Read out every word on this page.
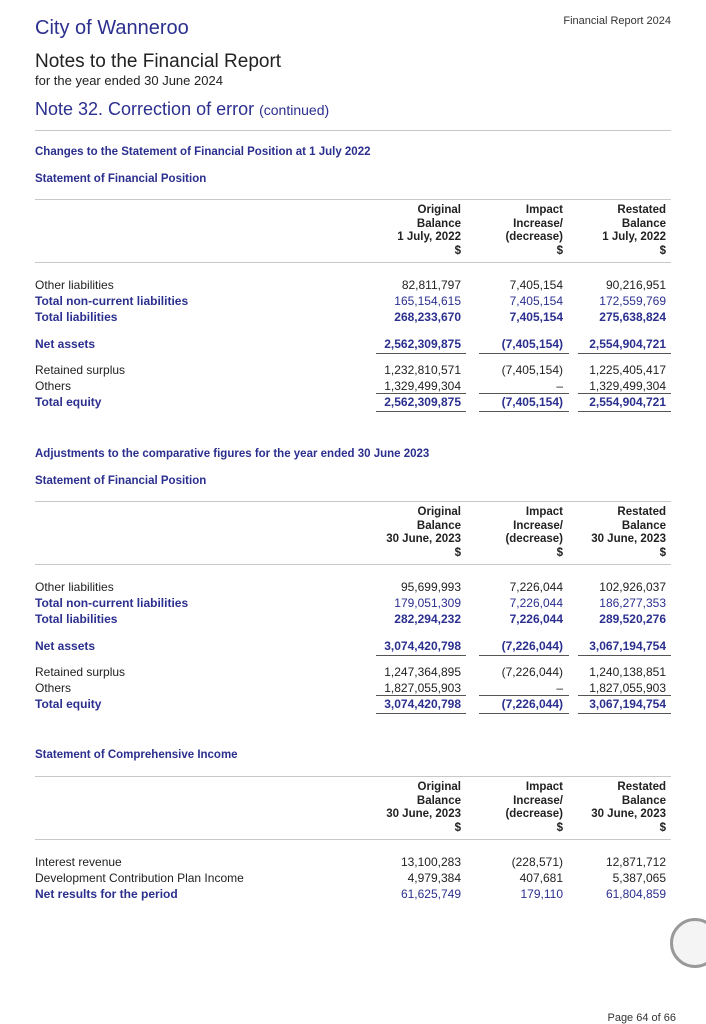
Financial Report 2024
City of Wanneroo
Notes to the Financial Report
for the year ended 30 June 2024
Note 32. Correction of error (continued)
Changes to the Statement of Financial Position at 1 July 2022
Statement of Financial Position
Original
Balance
1 July, 2022
$
Impact
Increase/
(decrease)
$
Restated
Balance
1 July, 2022
$
Other liabilities	82,811,797	7,405,154	90,216,951
Total non-current liabilities	165,154,615	7,405,154	172,559,769
Total liabilities	268,233,670	7,405,154	275,638,824
Net assets	2,562,309,875	(7,405,154) 2,554,904,721
Retained surplus	1,232,810,571	(7,405,154) 1,225,405,417
Others	1,329,499,304	– 1,329,499,304
Total equity	2,562,309,875	(7,405,154) 2,554,904,721
Adjustments to the comparative figures for the year ended 30 June 2023
Statement of Financial Position
Original
Balance
30 June, 2023
$
Impact
Increase/
(decrease)
$
Restated
Balance
30 June, 2023
$
Other liabilities	95,699,993	7,226,044	102,926,037
Total non-current liabilities	179,051,309	7,226,044	186,277,353
Total liabilities	282,294,232	7,226,044	289,520,276
Net assets	3,074,420,798	(7,226,044) 3,067,194,754
Retained surplus	1,247,364,895	(7,226,044) 1,240,138,851
Others	1,827,055,903	– 1,827,055,903
Total equity	3,074,420,798	(7,226,044) 3,067,194,754
Statement of Comprehensive Income
Original
Balance
30 June, 2023
$
Impact
Increase/
(decrease)
$
Restated
Balance
30 June, 2023
$
Interest revenue	13,100,283	(228,571)	12,871,712
Development Contribution Plan Income	4,979,384	407,681	5,387,065
Net results for the period	61,625,749	179,110	61,804,859
Page 64 of 66
